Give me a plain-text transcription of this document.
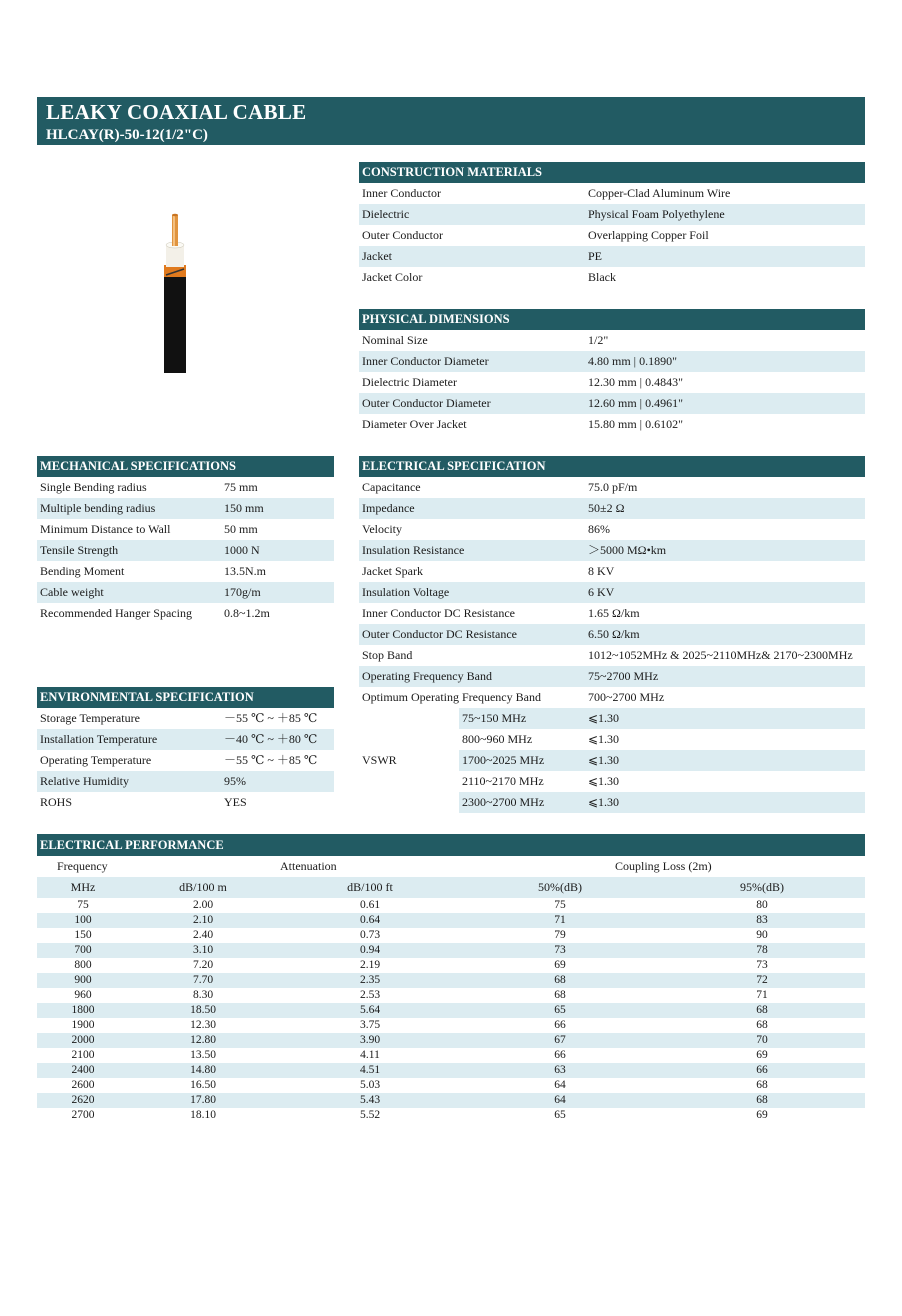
LEAKY COAXIAL CABLE
HLCAY(R)-50-12(1/2"C)
CONSTRUCTION MATERIALS
Inner Conductor	Copper-Clad Aluminum Wire
Dielectric	Physical Foam Polyethylene
Outer Conductor	Overlapping Copper Foil
Jacket	PE
Jacket Color	Black
PHYSICAL DIMENSIONS
Nominal Size	1/2"
Inner Conductor Diameter	4.80 mm | 0.1890"
Dielectric Diameter	12.30 mm | 0.4843"
Outer Conductor Diameter	12.60 mm | 0.4961"
Diameter Over Jacket	15.80 mm | 0.6102"
MECHANICAL SPECIFICATIONS
Single Bending radius	75 mm
Multiple bending radius	150 mm
Minimum Distance to Wall	50 mm
Tensile Strength	1000 N
Bending Moment	13.5N.m
Cable weight	170g/m
Recommended Hanger Spacing	0.8~1.2m
ENVIRONMENTAL SPECIFICATION
Storage Temperature	－55 ℃ ~ ＋85 ℃
Installation Temperature	－40 ℃ ~ ＋80 ℃
Operating Temperature	－55 ℃ ~ ＋85 ℃
Relative Humidity	95%
ROHS	YES
ELECTRICAL SPECIFICATION
Capacitance	75.0 pF/m
Impedance	50±2 Ω
Velocity	86%
Insulation Resistance	＞5000 MΩ•km
Jacket Spark	8 KV
Insulation Voltage	6 KV
Inner Conductor DC Resistance	1.65 Ω/km
Outer Conductor DC Resistance	6.50 Ω/km
Stop Band	1012~1052MHz & 2025~2110MHz& 2170~2300MHz
Operating Frequency Band	75~2700 MHz
Optimum Operating Frequency Band	700~2700 MHz
VSWR
75~150 MHz	⩽1.30
800~960 MHz	⩽1.30
1700~2025 MHz	⩽1.30
2110~2170 MHz	⩽1.30
2300~2700 MHz	⩽1.30
ELECTRICAL PERFORMANCE
Frequency	Attenuation	Coupling Loss (2m)
MHz	dB/100 m	dB/100 ft	50%(dB)	95%(dB)
75	2.00	0.61	75	80
100	2.10	0.64	71	83
150	2.40	0.73	79	90
700	3.10	0.94	73	78
800	7.20	2.19	69	73
900	7.70	2.35	68	72
960	8.30	2.53	68	71
1800	18.50	5.64	65	68
1900	12.30	3.75	66	68
2000	12.80	3.90	67	70
2100	13.50	4.11	66	69
2400	14.80	4.51	63	66
2600	16.50	5.03	64	68
2620	17.80	5.43	64	68
2700	18.10	5.52	65	69
